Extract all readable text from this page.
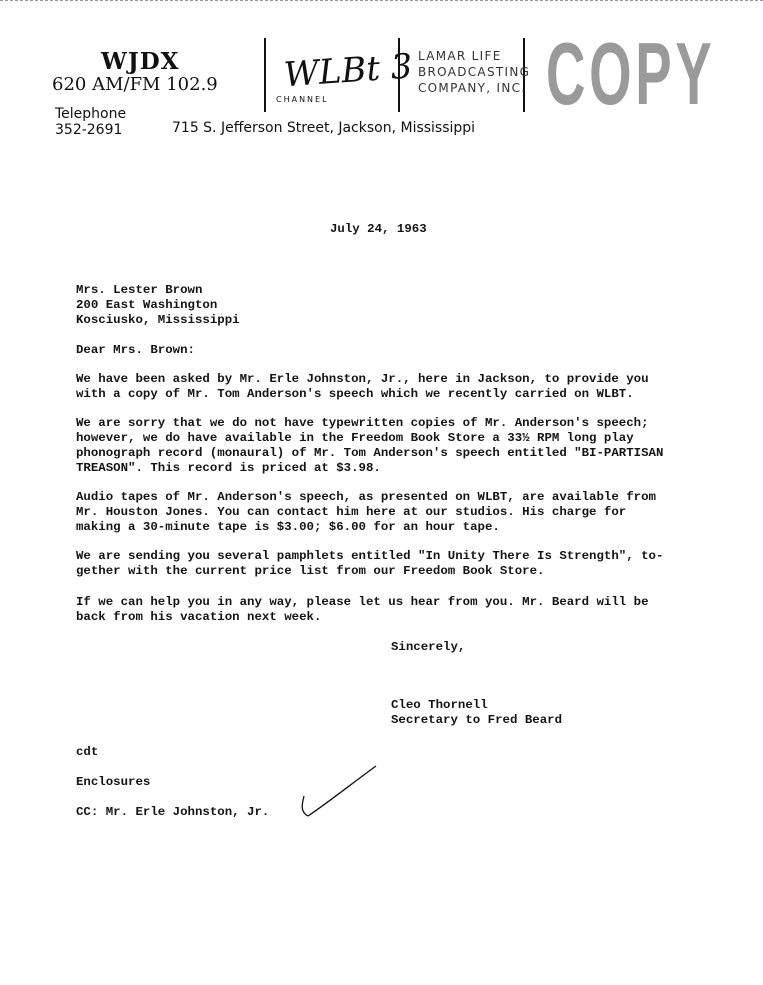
WJDX
620 AM/FM 102.9
Telephone
352-2691	715 S. Jefferson Street, Jackson, Mississippi
WLBt 3
CHANNEL
LAMAR LIFE
BROADCASTING
COMPANY, INC. COPY
July 24, 1963
Mrs. Lester Brown
200 East Washington
Kosciusko, Mississippi
Dear Mrs. Brown:
We have been asked by Mr. Erle Johnston, Jr., here in Jackson, to provide you
with a copy of Mr. Tom Anderson's speech which we recently carried on WLBT.
We are sorry that we do not have typewritten copies of Mr. Anderson's speech;
however, we do have available in the Freedom Book Store a 33½ RPM long play
phonograph record (monaural) of Mr. Tom Anderson's speech entitled "BI-PARTISAN
TREASON". This record is priced at $3.98.
Audio tapes of Mr. Anderson's speech, as presented on WLBT, are available from
Mr. Houston Jones. You can contact him here at our studios. His charge for
making a 30-minute tape is $3.00; $6.00 for an hour tape.
We are sending you several pamphlets entitled "In Unity There Is Strength", to-
gether with the current price list from our Freedom Book Store.
If we can help you in any way, please let us hear from you. Mr. Beard will be
back from his vacation next week.
Sincerely,
Cleo Thornell
Secretary to Fred Beard
cdt
Enclosures
CC: Mr. Erle Johnston, Jr.
